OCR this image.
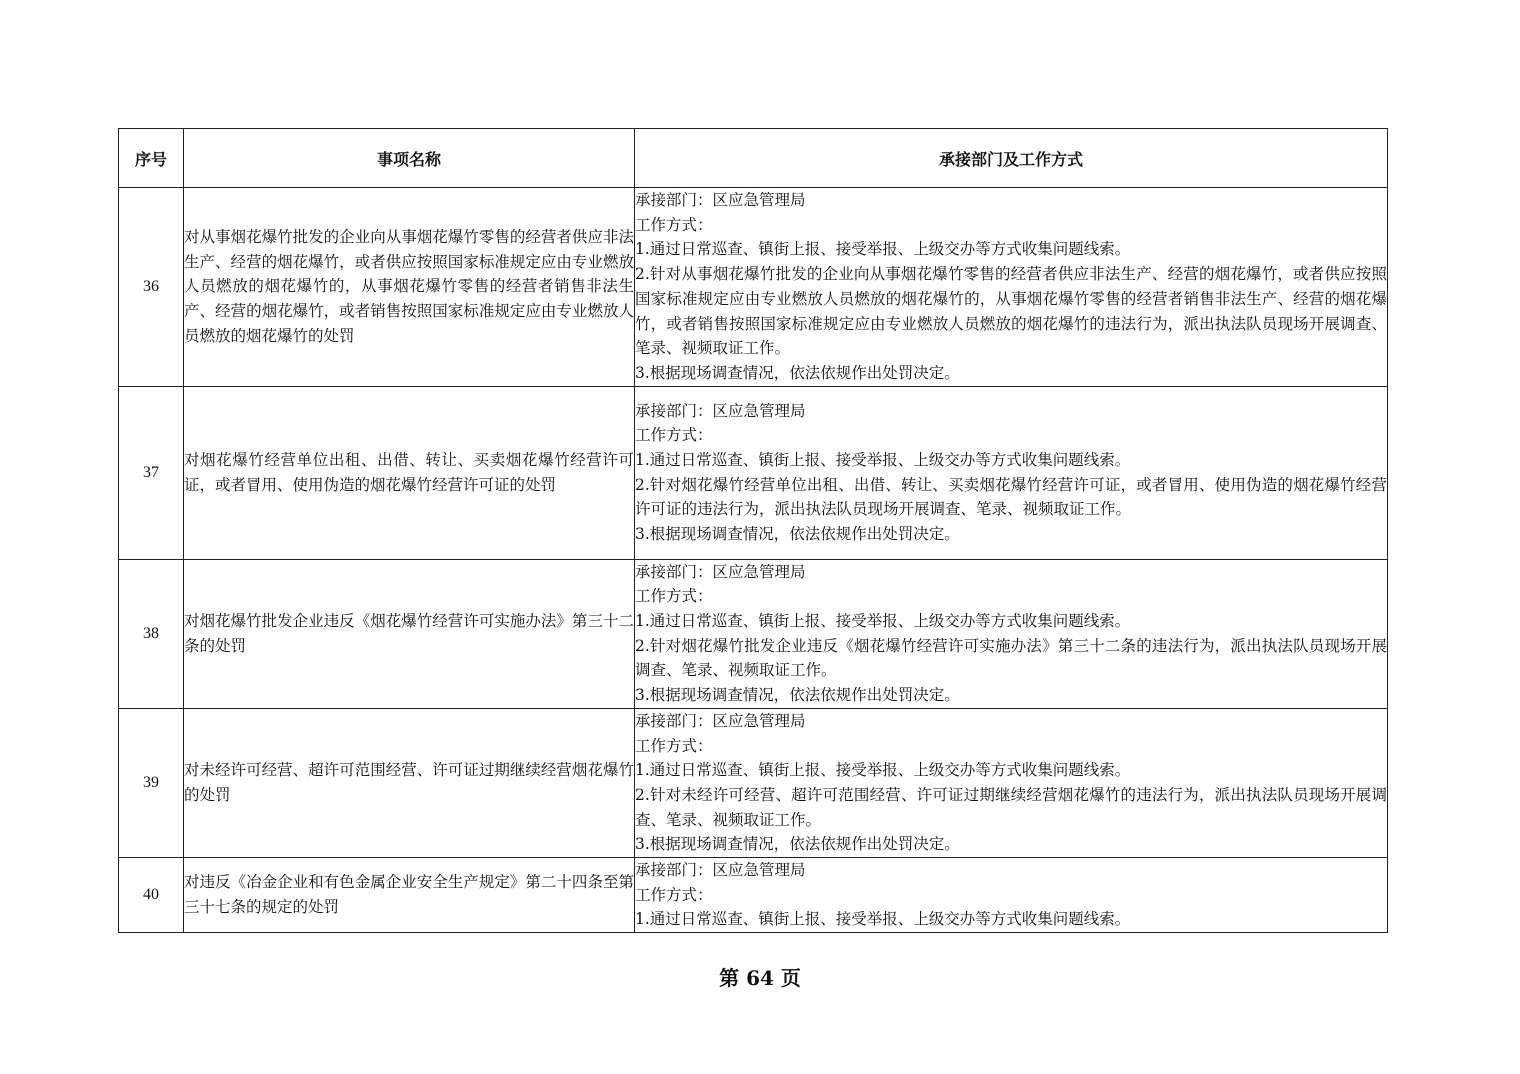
序号	事项名称	承接部门及工作方式
36	对从事烟花爆竹批发的企业向从事烟花爆竹零售的经营者供应非法生产、经营的烟花爆竹，或者供应按照国家标准规定应由专业燃放人员燃放的烟花爆竹的，从事烟花爆竹零售的经营者销售非法生产、经营的烟花爆竹，或者销售按照国家标准规定应由专业燃放人员燃放的烟花爆竹的处罚	承接部门：区应急管理局
工作方式：
1.通过日常巡查、镇街上报、接受举报、上级交办等方式收集问题线索。
2.针对从事烟花爆竹批发的企业向从事烟花爆竹零售的经营者供应非法生产、经营的烟花爆竹，或者供应按照国家标准规定应由专业燃放人员燃放的烟花爆竹的，从事烟花爆竹零售的经营者销售非法生产、经营的烟花爆竹，或者销售按照国家标准规定应由专业燃放人员燃放的烟花爆竹的违法行为，派出执法队员现场开展调查、笔录、视频取证工作。
3.根据现场调查情况，依法依规作出处罚决定。

37	对烟花爆竹经营单位出租、出借、转让、买卖烟花爆竹经营许可证，或者冒用、使用伪造的烟花爆竹经营许可证的处罚	承接部门：区应急管理局
工作方式：
1.通过日常巡查、镇街上报、接受举报、上级交办等方式收集问题线索。
2.针对烟花爆竹经营单位出租、出借、转让、买卖烟花爆竹经营许可证，或者冒用、使用伪造的烟花爆竹经营许可证的违法行为，派出执法队员现场开展调查、笔录、视频取证工作。
3.根据现场调查情况，依法依规作出处罚决定。

38	对烟花爆竹批发企业违反《烟花爆竹经营许可实施办法》第三十二条的处罚	承接部门：区应急管理局
工作方式：
1.通过日常巡查、镇街上报、接受举报、上级交办等方式收集问题线索。
2.针对烟花爆竹批发企业违反《烟花爆竹经营许可实施办法》第三十二条的违法行为，派出执法队员现场开展调查、笔录、视频取证工作。
3.根据现场调查情况，依法依规作出处罚决定。

39	对未经许可经营、超许可范围经营、许可证过期继续经营烟花爆竹的处罚	承接部门：区应急管理局
工作方式：
1.通过日常巡查、镇街上报、接受举报、上级交办等方式收集问题线索。
2.针对未经许可经营、超许可范围经营、许可证过期继续经营烟花爆竹的违法行为，派出执法队员现场开展调查、笔录、视频取证工作。
3.根据现场调查情况，依法依规作出处罚决定。

40	对违反《冶金企业和有色金属企业安全生产规定》第二十四条至第三十七条的规定的处罚	承接部门：区应急管理局
工作方式：
1.通过日常巡查、镇街上报、接受举报、上级交办等方式收集问题线索。
第 64 页
